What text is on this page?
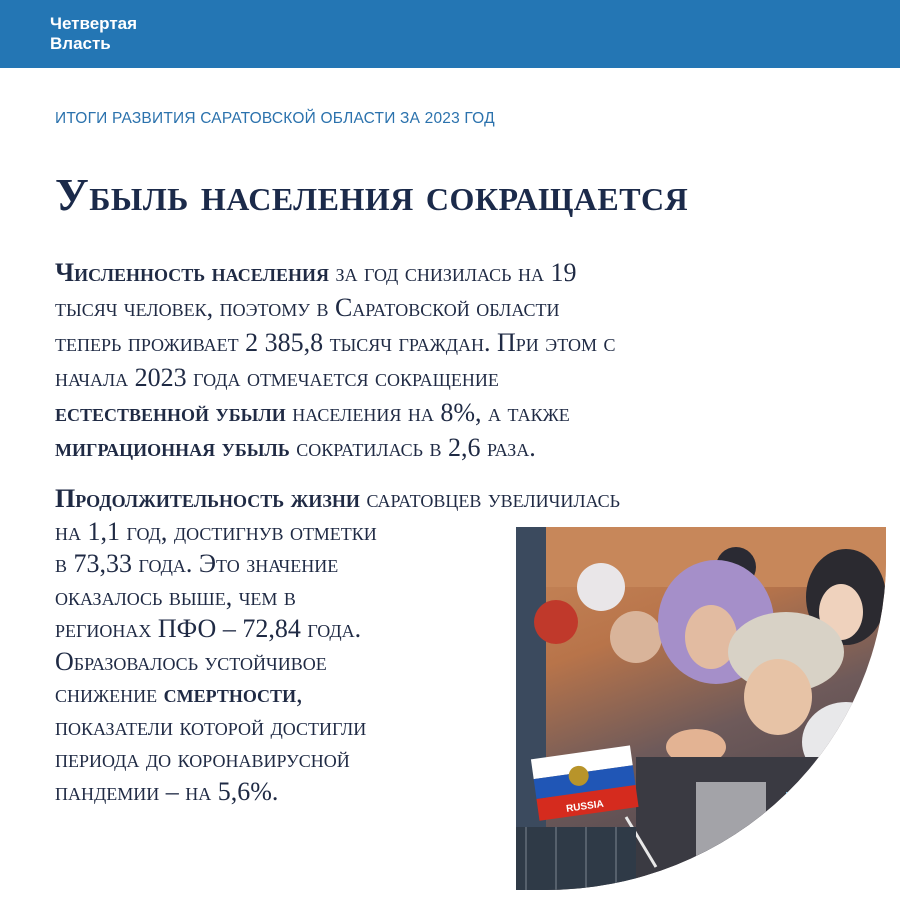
Четвертая
Власть
ИТОГИ РАЗВИТИЯ САРАТОВСКОЙ ОБЛАСТИ ЗА 2023 ГОД
Убыль населения сокращается
Численность населения за год снизилась на 19
тысяч человек, поэтому в Саратовской области
теперь проживает 2 385,8 тысяч граждан. При этом с
начала 2023 года отмечается сокращение
естественной убыли населения на 8%, а также
миграционная убыль сократилась в 2,6 раза.
Продолжительность жизни саратовцев увеличилась
на 1,1 год, достигнув отметки
в 73,33 года. Это значение
оказалось выше, чем в
регионах ПФО – 72,84 года.
Образовалось устойчивое
снижение смертности,
показатели которой достигли
периода до коронавирусной
пандемии – на 5,6%.
RUSSIA
